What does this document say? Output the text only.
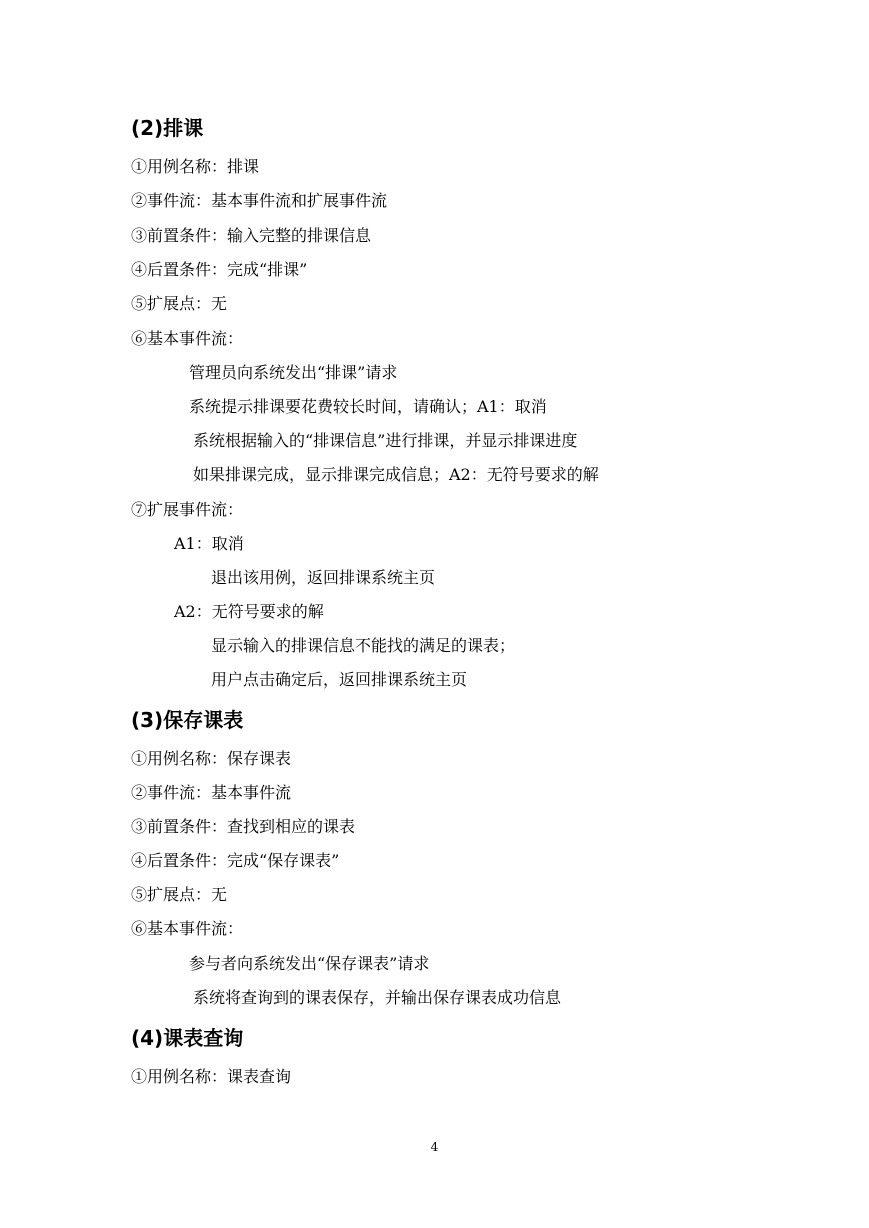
(2)排课
①用例名称：排课
②事件流：基本事件流和扩展事件流
③前置条件：输入完整的排课信息
④后置条件：完成“排课”
⑤扩展点：无
⑥基本事件流：
管理员向系统发出“排课”请求
系统提示排课要花费较长时间，请确认；A1：取消
系统根据输入的“排课信息”进行排课，并显示排课进度
如果排课完成，显示排课完成信息；A2：无符号要求的解
⑦扩展事件流：
A1：取消
退出该用例，返回排课系统主页
A2：无符号要求的解
显示输入的排课信息不能找的满足的课表；
用户点击确定后，返回排课系统主页
(3)保存课表
①用例名称：保存课表
②事件流：基本事件流
③前置条件：查找到相应的课表
④后置条件：完成“保存课表”
⑤扩展点：无
⑥基本事件流：
参与者向系统发出“保存课表”请求
系统将查询到的课表保存，并输出保存课表成功信息
(4)课表查询
①用例名称：课表查询
4
